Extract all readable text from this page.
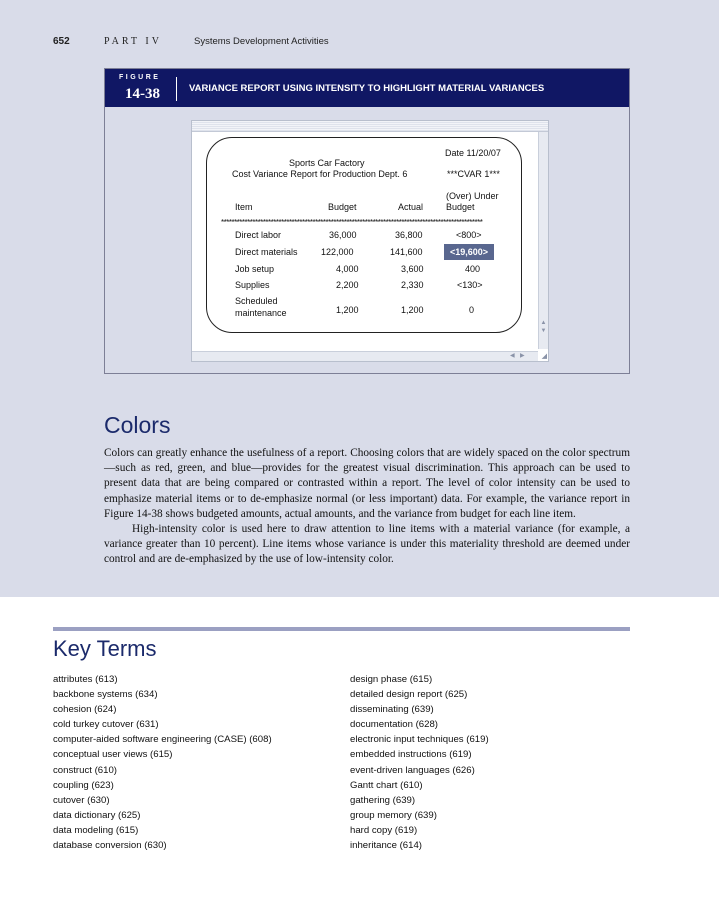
652	PART IV	Systems Development Activities
FIGURE
14-38	VARIANCE REPORT USING INTENSITY TO HIGHLIGHT MATERIAL VARIANCES
▲
▼
◀ ▶ ◢
Date 11/20/07
Sports Car Factory
Cost Variance Report for Production Dept. 6	***CVAR 1***
(Over) Under
Item	Budget	Actual	Budget
****************************************************************************************************
Direct labor	36,000	36,800	<800>
Direct materials	122,000	141,600	<19,600>
Job setup	4,000	3,600	400
Supplies	2,200	2,330	<130>
Scheduled
maintenance	1,200	1,200	0
Colors

Colors can greatly enhance the usefulness of a report. Choosing colors that are widely spaced on the color spectrum—such as red, green, and blue—provides for the greatest visual discrimination. This approach can be used to present data that are being compared or contrasted within a report. The level of color intensity can be used to emphasize material items or to de-emphasize normal (or less important) data. For example, the variance report in Figure 14-38 shows budgeted amounts, actual amounts, and the variance from budget for each line item.

High-intensity color is used here to draw attention to line items with a material variance (for example, a variance greater than 10 percent). Line items whose variance is under this materiality threshold are deemed under control and are de-emphasized by the use of low-intensity color.

Key Terms
attributes (613)
backbone systems (634)
cohesion (624)
cold turkey cutover (631)
computer-aided software engineering (CASE) (608)
conceptual user views (615)
construct (610)
coupling (623)
cutover (630)
data dictionary (625)
data modeling (615)
database conversion (630)
design phase (615)
detailed design report (625)
disseminating (639)
documentation (628)
electronic input techniques (619)
embedded instructions (619)
event-driven languages (626)
Gantt chart (610)
gathering (639)
group memory (639)
hard copy (619)
inheritance (614)
